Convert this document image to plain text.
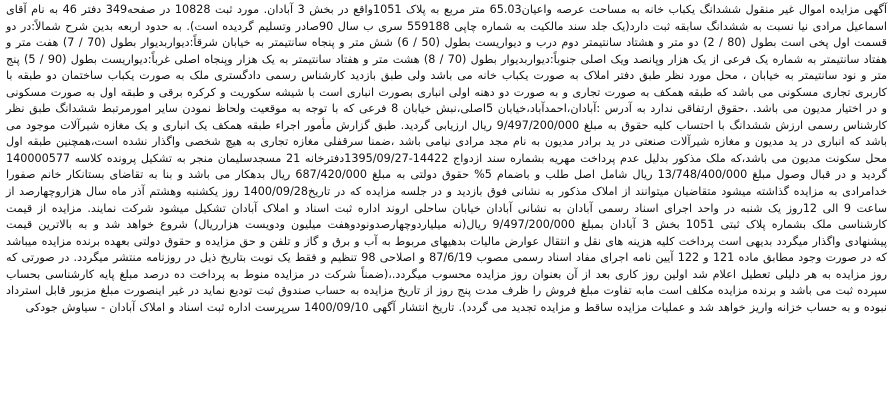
آگهی مزایده اموال غیر منقول ششدانگ یکباب خانه به مساحت عرصه واعیان65.03 متر مربع به پلاک 1051واقع در بخش 3 آبادان. مورد ثبت 10828 در صفحه349 دفتر 46 به نام آقای اسماعیل مرادی نیا نسبت به ششدانگ سابقه ثبت دارد(یک جلد سند مالکیت به شماره چاپی 559188 سری ب سال 90صادر وتسلیم گردیده است). به حدود اربعه بدین شرح شمالاً:در دو قسمت اول پخی است بطول (80 / 2) دو متر و هشتاد سانتیمتر دوم درب و دیواریست بطول (50 / 6) شش متر و پنجاه سانتیمتر به خیابان شرقاً:دیواربدیوار بطول (70 / 7) هفت متر و هفتاد سانتیمتر به شماره یک فرعی از یک هزار وپانصد ویک اصلی جنوباً:دیواربدیوار بطول (70 / 8) هشت متر و هفتاد سانتیمتر به یک هزار وپنجاه اصلی غرباً:دیواریست بطول (90 / 5) پنج متر و نود سانتیمتر به خیابان ، محل مورد نظر طبق دفتر املاک به صورت یکباب خانه می باشد ولی طبق بازدید کارشناس رسمی دادگستری ملک به صورت یکباب ساختمان دو طبقه با کاربری تجاری مسکونی می باشد که طبقه همکف به صورت تجاری و به صورت دو دهنه اولی انباری بصورت انباری است با شیشه سکوریت و کرکره برقی و طبقه اول به صورت مسکونی و در اختیار مدیون می باشد. ،حقوق ارتفاقی ندارد به آدرس :آبادان،احمدآباد،خیابان 5اصلی،نبش خیابان 8 فرعی که با توجه به موقعیت ولحاظ نمودن سایر امورمرتبط ششدانگ طبق نظر کارشناس رسمی ارزش ششدانگ با احتساب کلیه حقوق به مبلغ 9/497/200/000 ریال ارزیابی گردید. طبق گزارش مأمور اجراء طبقه همکف یک انباری و یک مغازه شیرآلات موجود می باشد که انباری در ید مدیون و مغازه شیرآلات صنعتی در ید برادر مدیون به نام مجد مرادی نیامی باشد ،ضمنا سرقفلی مغازه تجاری به هیچ شخصی واگذار نشده است،همچنین طبقه اول محل سکونت مدیون می باشد،که ملک مذکور بدلیل عدم پرداخت مهریه بشماره سند ازدواج 14422-1395/09/27دفترخانه 21 مسجدسلیمان منجر به تشکیل پرونده کلاسه 140000577 گردید و در قبال وصول مبلغ 13/748/400/000 ریال شامل اصل طلب و باضمام 5% حقوق دولتی به مبلغ 687/420/000 ریال بدهکار می باشد و بنا به تقاضای بستانکار خانم صفورا خدامرادی به مزایده گذاشته میشود متقاضیان میتوانند از املاک مذکور به نشانی فوق بازدید و در جلسه مزایده که در تاریخ1400/09/28 روز یکشنبه وهشتم آذر ماه سال هزاروچهارصد از ساعت 9 الی 12روز یک شنبه در واحد اجرای اسناد رسمی آبادان به نشانی آبادان خیابان ساحلی اروند اداره ثبت اسناد و املاک آبادان تشکیل میشود شرکت نمایند. مزایده از قیمت کارشناسی ملک بشماره پلاک ثبتی 1051 بخش 3 آبادان بمبلغ 9/497/200/000 ریال(نه میلیاردوچهارصدونودوهفت میلیون ودویست هزارریال) شروع خواهد شد و به بالاترین قیمت پیشنهادی واگذار میگردد بدیهی است پرداخت کلیه هزینه های نقل و انتقال عوارض مالیات بدهیهای مربوط به آب و برق و گاز و تلفن و حق مزایده و حقوق دولتی بعهده برنده مزایده میباشد که در صورت وجود مطابق ماده 121 و 122 آیین نامه اجرای مفاد اسناد رسمی مصوب 87/6/19 و اصلاحی 98 تنظیم و فقط یک نوبت بتاریخ ذیل در روزنامه منتشر میگردد. در صورتی که روز مزایده به هر دلیلی تعطیل اعلام شد اولین روز کاری بعد از آن بعنوان روز مزایده محسوب میگردد.،(ضمناً شرکت در مزایده منوط به پرداخت ده درصد مبلغ پایه کارشناسی بحساب سپرده ثبت می باشد و برنده مزایده مکلف است مابه تفاوت مبلغ فروش را ظرف مدت پنج روز از تاریخ مزایده به حساب صندوق ثبت تودیع نماید در غیر اینصورت مبلغ مزبور قابل استرداد نبوده و به حساب خزانه واریز خواهد شد و عملیات مزایده ساقط و مزایده تجدید می گردد). تاریخ انتشار آگهی 1400/09/10 سرپرست اداره ثبت اسناد و املاک آبادان - سیاوش جودکی
